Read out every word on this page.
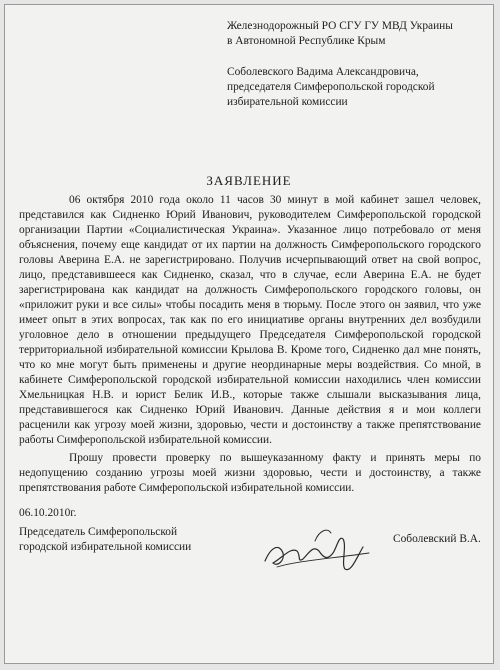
Железнодорожный РО СГУ ГУ МВД Украины

в Автономной Республике Крым

Соболевского Вадима Александровича,

председателя Симферопольской городской

избирательной комиссии

ЗАЯВЛЕНИЕ

06 октября 2010 года около 11 часов 30 минут в мой кабинет зашел человек, представился как Сидненко Юрий Иванович, руководителем Симферопольской городской организации Партии «Социалистическая Украина». Указанное лицо потребовало от меня объяснения, почему еще кандидат от их партии на должность Симферопольского городского головы Аверина Е.А. не зарегистрировано. Получив исчерпывающий ответ на свой вопрос, лицо, представившееся как Сидненко, сказал, что в случае, если Аверина Е.А. не будет зарегистрирована как кандидат на должность Симферопольского городского головы, он «приложит руки и все силы» чтобы посадить меня в тюрьму. После этого он заявил, что уже имеет опыт в этих вопросах, так как по его инициативе органы внутренних дел возбудили уголовное дело в отношении предыдущего Председателя Симферопольской городской территориальной избирательной комиссии Крылова В. Кроме того, Сидненко дал мне понять, что ко мне могут быть применены и другие неординарные меры воздействия. Со мной, в кабинете Симферопольской городской избирательной комиссии находились член комиссии Хмельницкая Н.В. и юрист Белик И.В., которые также слышали высказывания лица, представившегося как Сидненко Юрий Иванович. Данные действия я и мои коллеги расценили как угрозу моей жизни, здоровью, чести и достоинству а также препятствование работы Симферопольской избирательной комиссии.

Прошу провести проверку по вышеуказанному факту и принять меры по недопущению созданию угрозы моей жизни здоровью, чести и достоинству, а также препятствования работе Симферопольской избирательной комиссии.

06.10.2010г.

Председатель Симферопольской

городской избирательной комиссии

Соболевский В.А.
